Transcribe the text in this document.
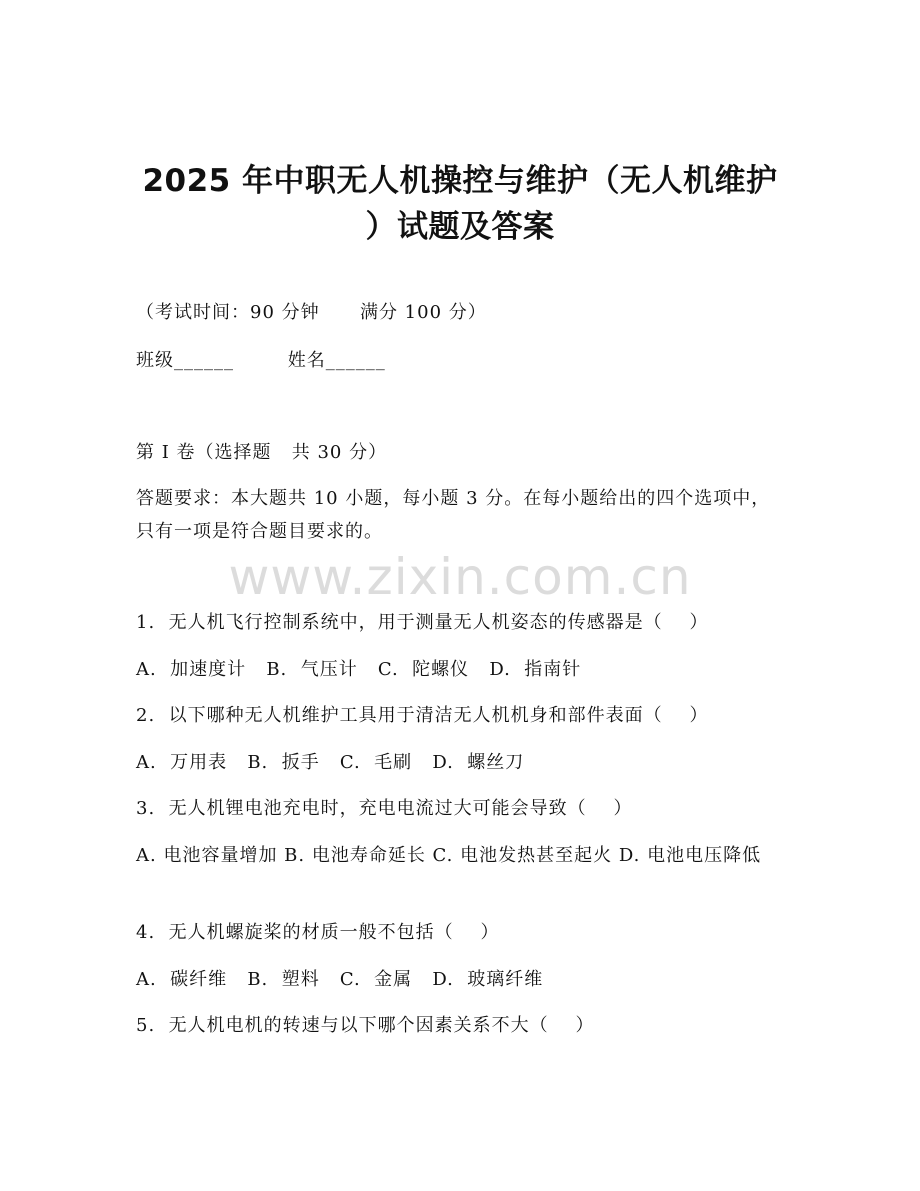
www.zixin.com.cn
2025 年中职无人机操控与维护（无人机维护
）试题及答案
（考试时间：90 分钟      满分 100 分）
班级______        姓名______
第 I 卷（选择题   共 30 分）
答题要求：本大题共 10 小题，每小题 3 分。在每小题给出的四个选项中，只有一项是符合题目要求的。
1.  无人机飞行控制系统中，用于测量无人机姿态的传感器是（    ）
A.  加速度计   B.  气压计   C.  陀螺仪   D.  指南针
2.  以下哪种无人机维护工具用于清洁无人机机身和部件表面（    ）
A.  万用表   B.  扳手   C.  毛刷   D.  螺丝刀
3.  无人机锂电池充电时，充电电流过大可能会导致（    ）
A. 电池容量增加 B. 电池寿命延长 C. 电池发热甚至起火 D. 电池电压降低
4.  无人机螺旋桨的材质一般不包括（    ）
A.  碳纤维   B.  塑料   C.  金属   D.  玻璃纤维
5.  无人机电机的转速与以下哪个因素关系不大（    ）
